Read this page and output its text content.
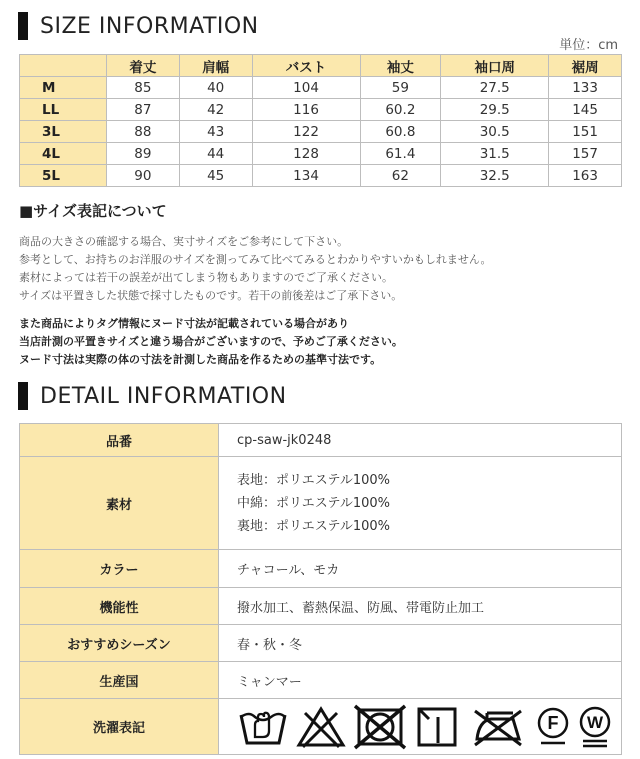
SIZE INFORMATION
単位：cm
	着丈	肩幅	バスト	袖丈	袖口周	裾周
M	85	40	104	59	27.5	133
LL	87	42	116	60.2	29.5	145
3L	88	43	122	60.8	30.5	151
4L	89	44	128	61.4	31.5	157
5L	90	45	134	62	32.5	163
■サイズ表記について
商品の大きさの確認する場合、実寸サイズをご参考にして下さい。
参考として、お持ちのお洋服のサイズを測ってみて比べてみるとわかりやすいかもしれません。
素材によっては若干の誤差が出てしまう物もありますのでご了承ください。
サイズは平置きした状態で採寸したものです。若干の前後差はご了承下さい。
また商品によりタグ情報にヌード寸法が記載されている場合があり
当店計測の平置きサイズと違う場合がございますので、予めご了承ください。
ヌード寸法は実際の体の寸法を計測した商品を作るための基準寸法です。
DETAIL INFORMATION
品番	cp-saw-jk0248
素材	表地：ポリエステル100%
中綿：ポリエステル100%
裏地：ポリエステル100%

カラー	チャコール、モカ
機能性	撥水加工、蓄熱保温、防風、帯電防止加工
おすすめシーズン	春・秋・冬
生産国	ミャンマー
洗濯表記	F W
